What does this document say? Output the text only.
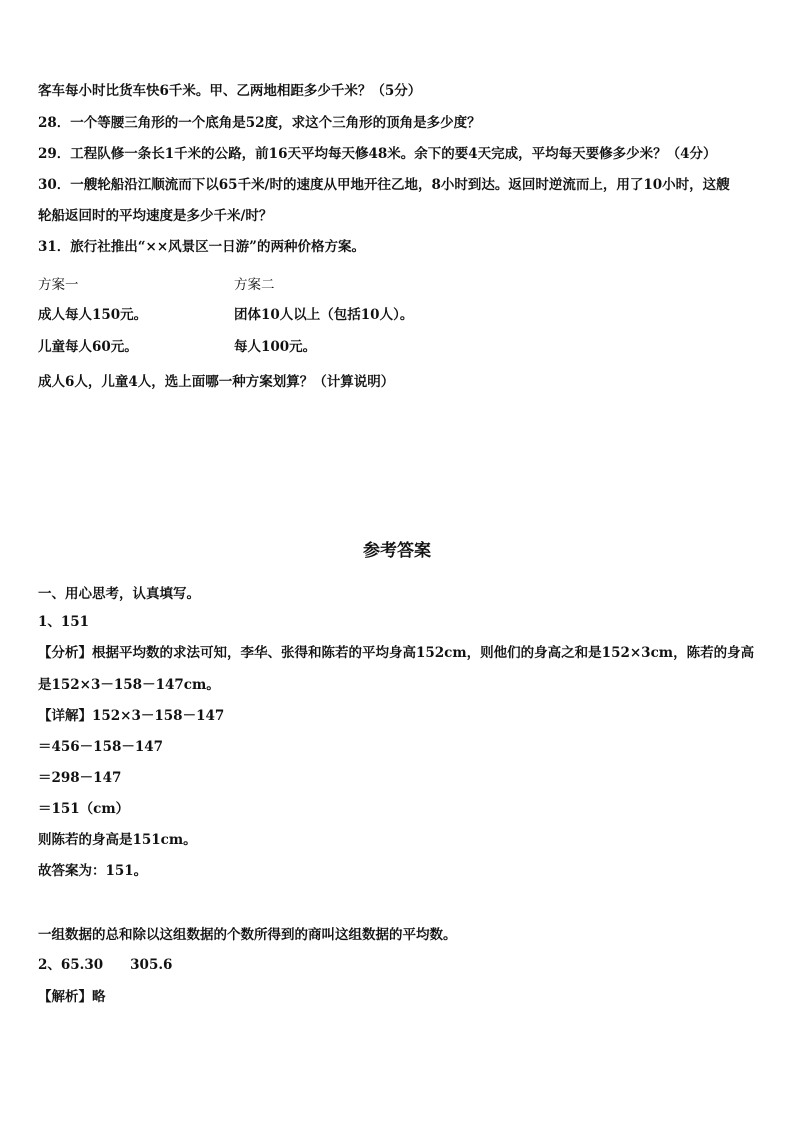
客车每小时比货车快6千米。甲、乙两地相距多少千米？（5分）
28．一个等腰三角形的一个底角是52度，求这个三角形的顶角是多少度？
29．工程队修一条长1千米的公路，前16天平均每天修48米。余下的要4天完成，平均每天要修多少米？（4分）
30．一艘轮船沿江顺流而下以65千米/时的速度从甲地开往乙地，8小时到达。返回时逆流而上，用了10小时，这艘
轮船返回时的平均速度是多少千米/时？
31．旅行社推出“××风景区一日游”的两种价格方案。
方案一	方案二
成人每人150元。	团体10人以上（包括10人）。
儿童每人60元。	每人100元。
成人6人，儿童4人，选上面哪一种方案划算？（计算说明）
参考答案
一、用心思考，认真填写。
1、151
【分析】根据平均数的求法可知，李华、张得和陈若的平均身高152cm，则他们的身高之和是152×3cm，陈若的身高
是152×3－158－147cm。
【详解】152×3－158－147
＝456－158－147
＝298－147
＝151（cm）
则陈若的身高是151cm。
故答案为：151。
一组数据的总和除以这组数据的个数所得到的商叫这组数据的平均数。
2、65.30　　305.6
【解析】略
